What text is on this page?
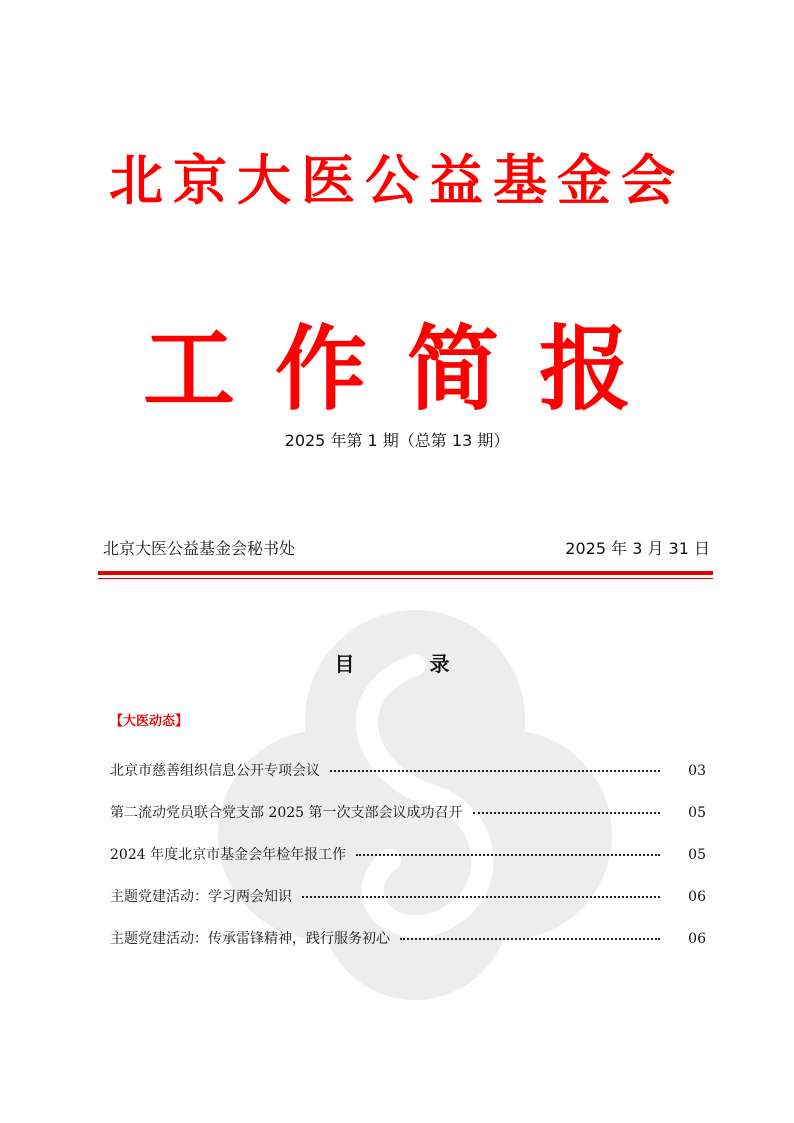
北京大医公益基金会
工作简报
2025 年第 1 期（总第 13 期）
北京大医公益基金会秘书处	2025 年 3 月 31 日
目 录
【大医动态】
北京市慈善组织信息公开专项会议	03
第二流动党员联合党支部 2025 第一次支部会议成功召开	05
2024 年度北京市基金会年检年报工作	05
主题党建活动：学习两会知识	06
主题党建活动：传承雷锋精神，践行服务初心	06
